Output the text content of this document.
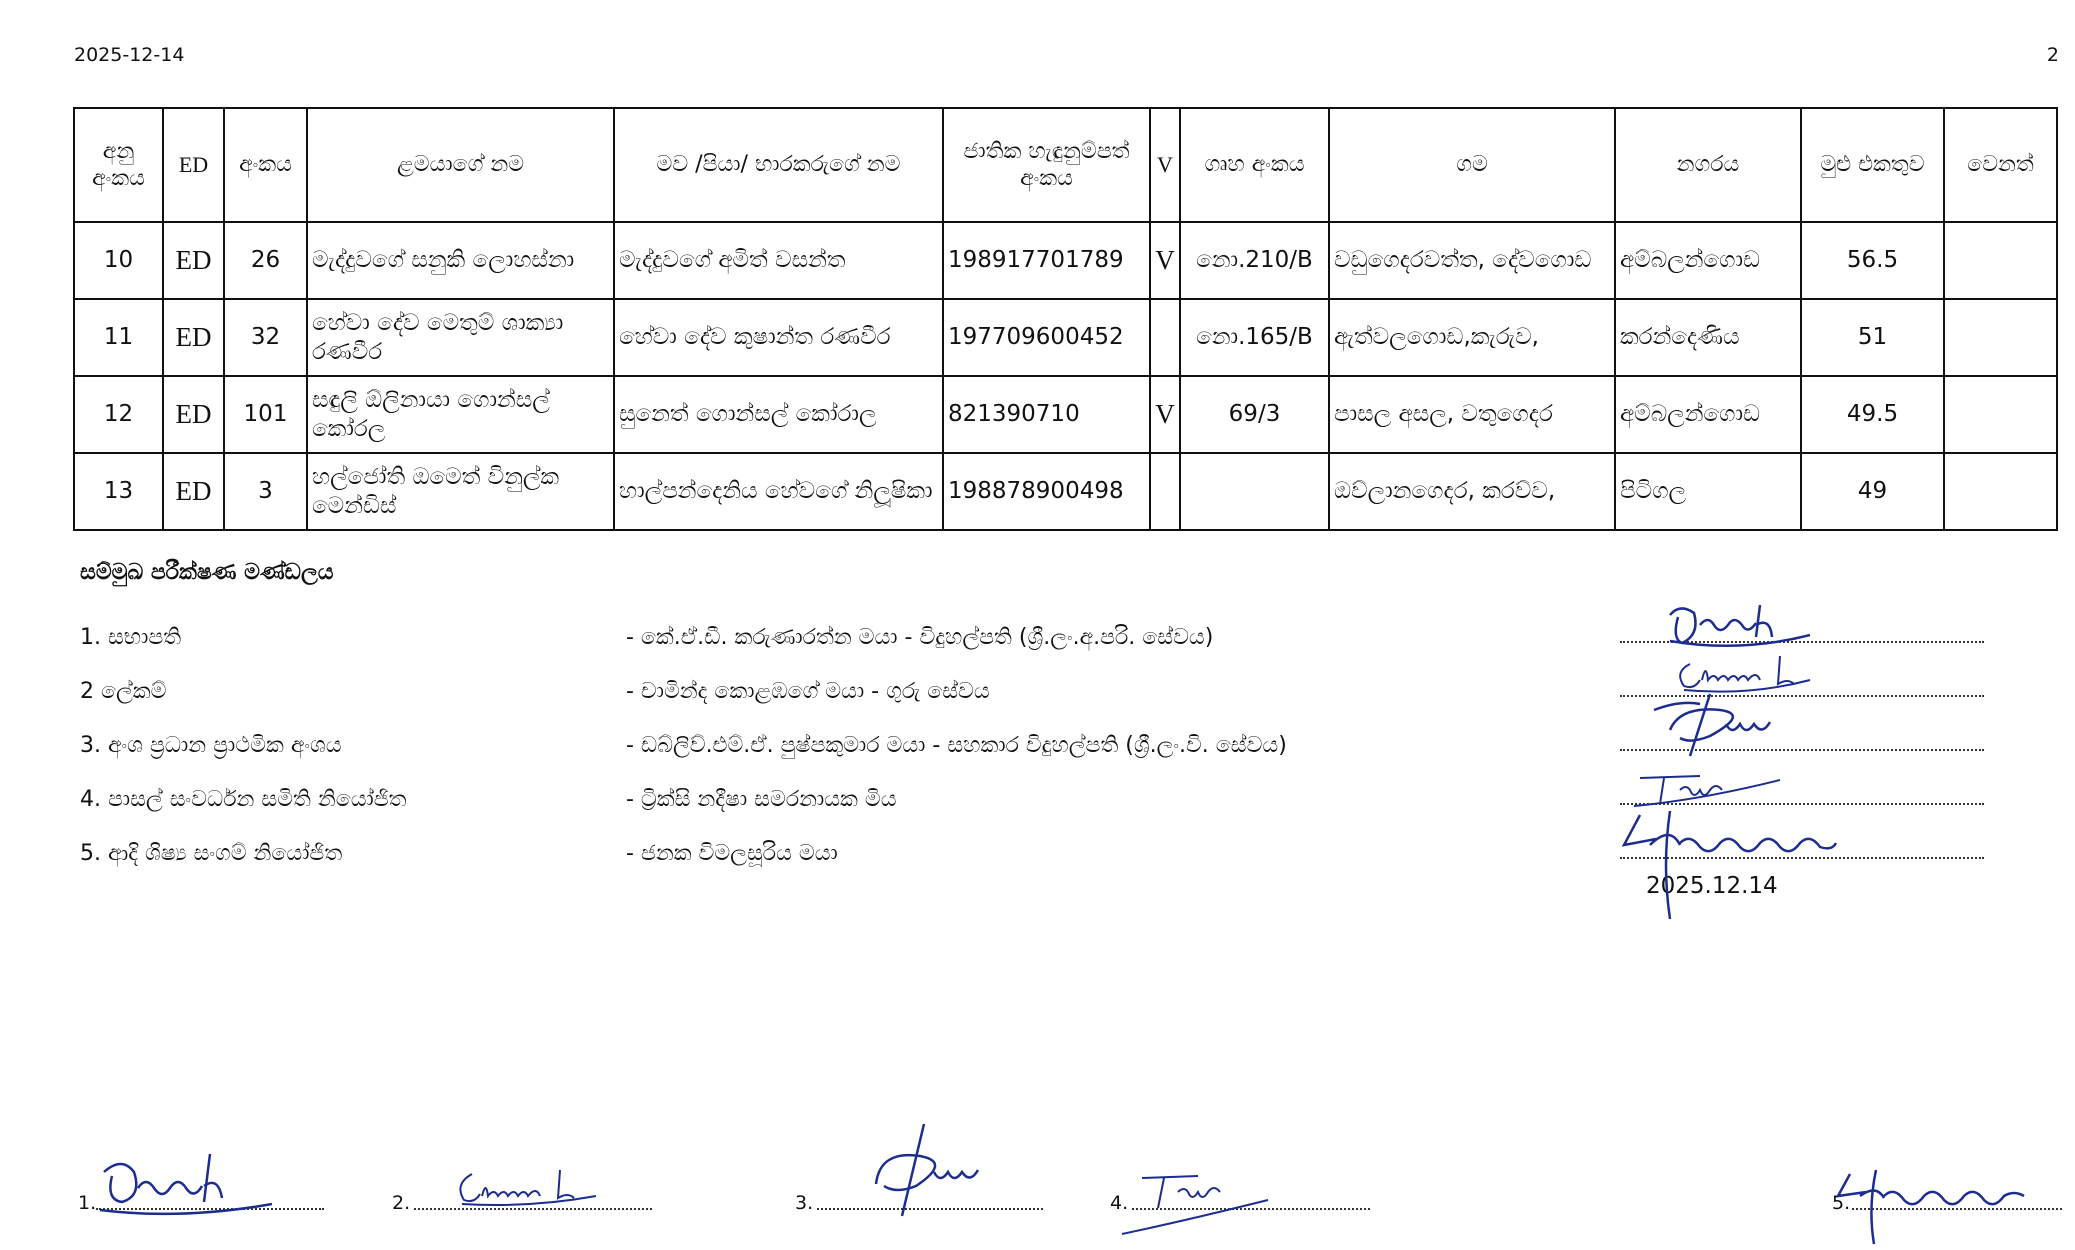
2025-12-14	2
අනු අංකය	ED	අංකය	ළමයාගේ නම	මව /පියා/ භාරකරුගේ නම	ජාතික හැඳුනුම්පත් අංකය	V	ගෘහ අංකය	ගම	නගරය	මුළු එකතුව	වෙනත්
10	ED	26	මැද්දුවගේ සනුකි ලොහස්නා	මැද්දුවගේ අමිත් වසන්ත	198917701789	V	නො.210/B	වඩුගෙදරවත්ත, දේවගොඩ	අම්බලන්ගොඩ	56.5	
11	ED	32	හේවා දේව මෙතුම් ශාක්‍යා රණවීර	හේවා දේව කුෂාන්ත රණවීර	197709600452		නො.165/B	ඇත්වලගොඩ,කැරුව,	කරන්දෙණිය	51	
12	ED	101	සඳුලි ඕලිනායා ගොන්සල් කෝරල	සුනෙත් ගොන්සල් කෝරාල	821390710	V	69/3	පාසල අසල, වතුගෙදර	අම්බලන්ගොඩ	49.5	
13	ED	3	හල්ජෝති ඔමෙත් විනුල්ක මෙන්ඩිස්	හාල්පන්දෙනිය හේවගේ නිලූෂිකා	198878900498			ඔව්ලානගෙදර, කරව්ව,	පිටිගල	49	
සම්මුඛ පරීක්ෂණ මණ්ඩලය
1. සභාපති	- කේ.ඒ.ඩී. කරුණාරත්න මයා - විදුහල්පති (ශ්‍රී.ලං.අ.පරි. සේවය)
2 ලේකම්	- චාමින්ද කොළඹගේ මයා - ගුරු සේවය
3. අංශ ප්‍රධාන ප්‍රාථමික අංශය	- ඩබ්ලිව්.එම්.ඒ. පුෂ්පකුමාර මයා - සහකාර විදුහල්පති (ශ්‍රී.ලං.වි. සේවය)
4. පාසල් සංවර්ධන සමිති නියෝජිත	- ට්‍රික්සි නදීෂා සමරනායක මිය
5. ආදි ශිෂ්‍ය සංගම් නියෝජිත	- ජනක විමලසූරිය මයා
2025.12.14
1.	2.	3.	4.	5.
